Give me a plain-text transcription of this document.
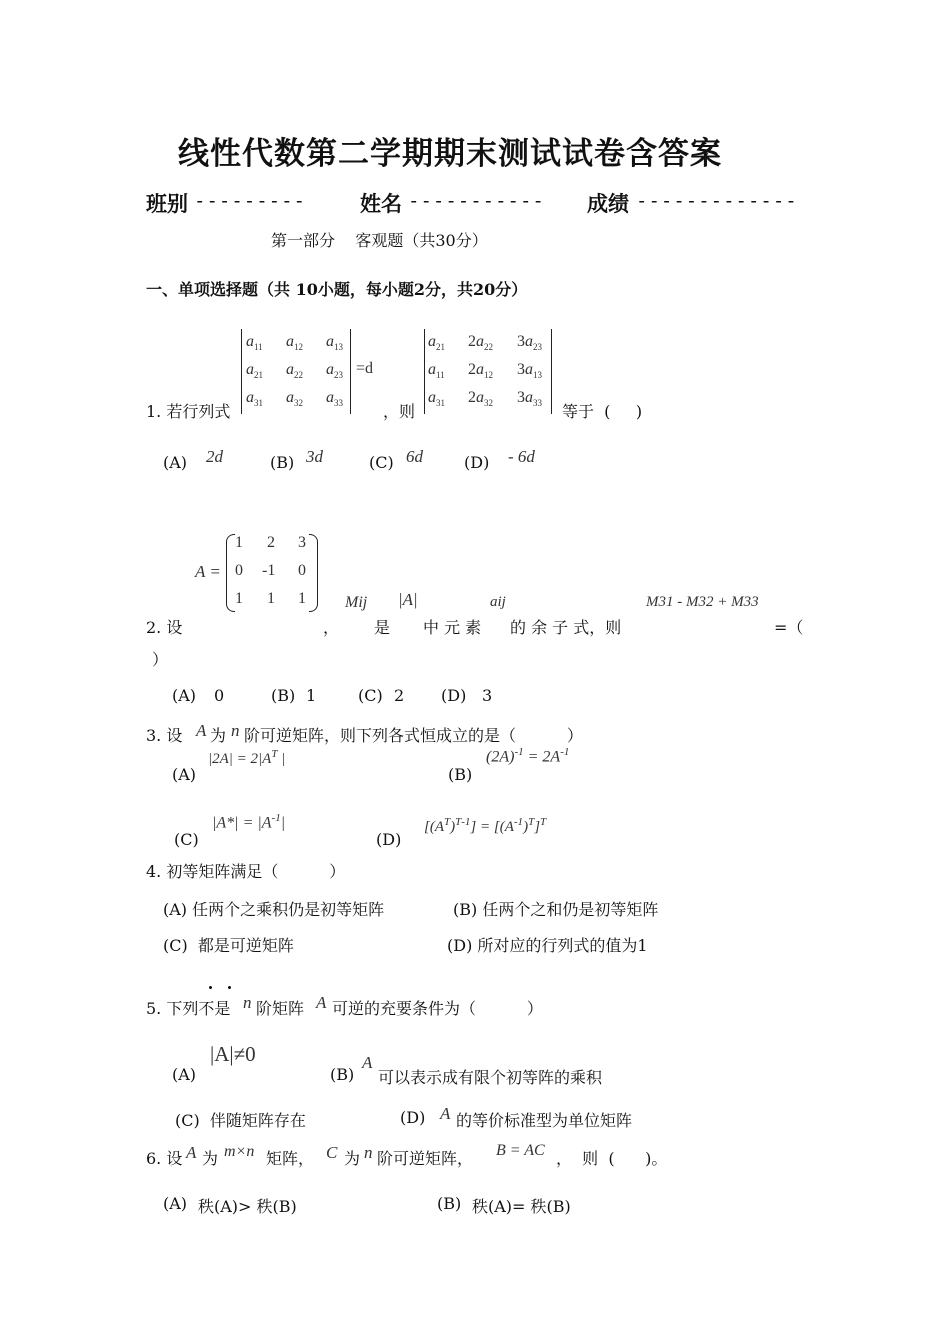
线性代数第二学期期末测试试卷含答案
班别 ---------	姓名 ----------- 成绩 -------------
第一部分    客观题（共30分）
一、单项选择题（共 10小题，每小题2分，共20分）
$a_{11}$ $a_{12}$ $a_{13}$
$a_{21}$ $a_{22}$ $a_{23}$
$a_{31}$ $a_{32}$ $a_{33}$
=d
$a_{21}$ $2a_{22}$ $3a_{23}$
$a_{11}$ $2a_{12}$ $3a_{13}$
$a_{31}$ $2a_{32}$ $3a_{33}$
1. 若行列式	，则	等于  (     )
(A) 2d	(B) 3d	(C) 6d	(D) - 6d
A =
1 2 3
0 -1 0
1 1 1 Mij |A|	aij	M31 - M32 + M33
2. 设	， 是 中 元 素 的 余 子 式，则	=（
）
(A) 0	(B) 1	(C) 2 (D) 3
3. 设 A 为 n 阶可逆矩阵，则下列各式恒成立的是（          ）
(A)
$|2A| = 2|A^T$ |
(B)
$(2A)^{-1} = 2A^{-1}$
(C)
$|A*| = |A^{-1}|$
(D)
$[(A^T)^{T-1}] = [(A^{-1})^T]^T$
4. 初等矩阵满足（          ）
(A) 任两个之乘积仍是初等矩阵	(B) 任两个之和仍是初等矩阵
(C)  都是可逆矩阵	(D) 所对应的行列式的值为1
5. 下列不是 n 阶矩阵 A 可逆的充要条件为（          ）
(A)
|A|≠0
(B)
A
可以表示成有限个初等阵的乘积
(C)  伴随矩阵存在	(D) A 的等价标准型为单位矩阵
6. 设 A 为 m×n 矩阵， C 为 n 阶可逆矩阵， B = AC ，  则  (      )。
(A) 秩(A)> 秩(B)	(B) 秩(A)= 秩(B)
